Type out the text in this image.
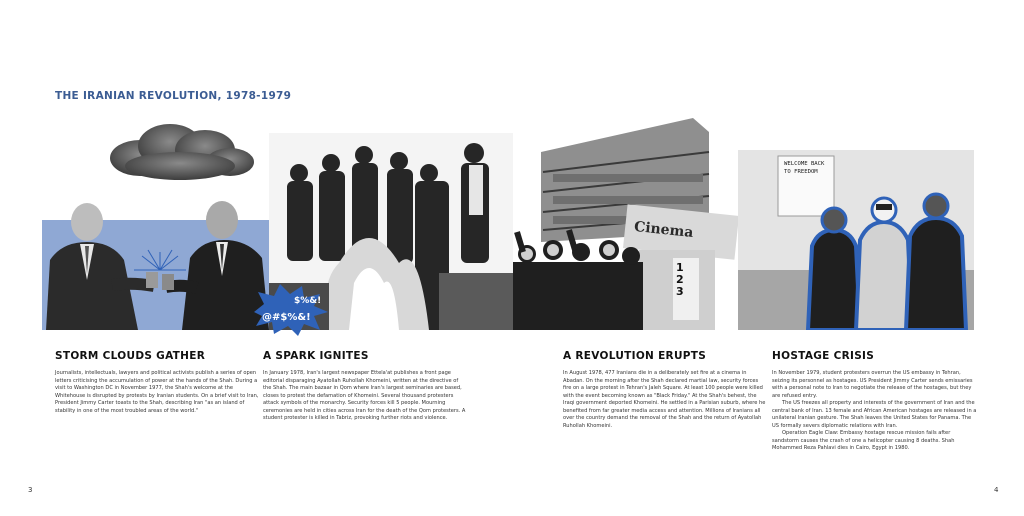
THE IRANIAN REVOLUTION, 1978-1979
$%&!
@#$%&!
Cinema
1 2 3
WELCOME BACK TO FREEDOM
STORM CLOUDS GATHER

Journalists, intellectuals, lawyers and political activists publish a series of open letters criticising the accumulation of power at the hands of the Shah. During a visit to Washington DC in November 1977, the Shah's welcome at the Whitehouse is disrupted by protests by Iranian students. On a brief visit to Iran, President Jimmy Carter toasts to the Shah, describing Iran "as an island of stability in one of the most troubled areas of the world."

A SPARK IGNITES

In January 1978, Iran's largest newspaper Ettela'at publishes a front page editorial disparaging Ayatollah Ruhollah Khomeini, written at the directive of the Shah. The main bazaar in Qom where Iran's largest seminaries are based, closes to protest the defamation of Khomeini. Several thousand protesters attack symbols of the monarchy. Security forces kill 5 people. Mourning ceremonies are held in cities across Iran for the death of the Qom protesters. A student protester is killed in Tabriz, provoking further riots and violence.

A REVOLUTION ERUPTS

In August 1978, 477 Iranians die in a deliberately set fire at a cinema in Abadan. On the morning after the Shah declared martial law, security forces fire on a large protest in Tehran's Jaleh Square. At least 100 people were killed with the event becoming known as "Black Friday." At the Shah's behest, the Iraqi government deported Khomeini. He settled in a Parisian suburb, where he benefited from far greater media access and attention. Millions of Iranians all over the country demand the removal of the Shah and the return of Ayatollah Ruhollah Khomeini.

HOSTAGE CRISIS

In November 1979, student protesters overrun the US embassy in Tehran, seizing its personnel as hostages. US President Jimmy Carter sends emissaries with a personal note to Iran to negotiate the release of the hostages, but they are refused entry.

The US freezes all property and interests of the government of Iran and the central bank of Iran. 13 female and African American hostages are released in a unilateral Iranian gesture. The Shah leaves the United States for Panama. The US formally severs diplomatic relations with Iran.

Operation Eagle Claw: Embassy hostage rescue mission fails after sandstorm causes the crash of one a helicopter causing 8 deaths. Shah Mohammed Reza Pahlavi dies in Cairo, Egypt in 1980.

3	4
